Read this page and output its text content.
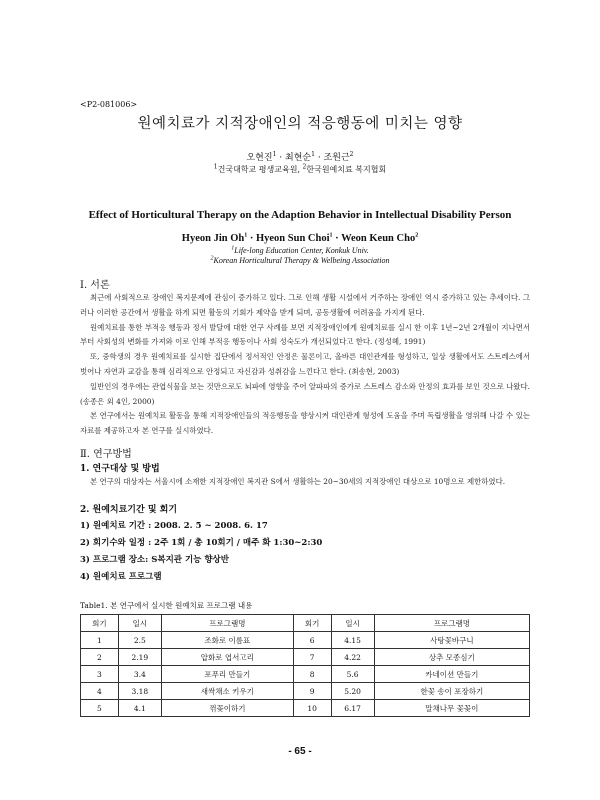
<P2-081006>
원예치료가 지적장애인의 적응행동에 미치는 영향
오현진$^1$ · 최현순$^1$ · 조원근$^2$
$^1$건국대학교 평생교육원, $^2$한국원예치료 복지협회
Effect of Horticultural Therapy on the Adaption Behavior in Intellectual Disability Person
Hyeon Jin $Oh^1$ · Hyeon Sun Choi$^1$ · Weon Keun Cho$^2$
$^1$Life-long Education Center, Konkuk Univ.
$^2$Korean Horticultural Therapy & Welbeing Association
Ⅰ. 서론

최근에 사회적으로 장애인 복지문제에 관심이 증가하고 있다. 그로 인해 생활 시설에서 거주하는 장애인 역시 증가하고 있는 추세이다. 그러나 이러한 공간에서 생활을 하게 되면 활동의 기회가 제약을 받게 되며, 공동생활에 어려움을 가지게 된다.

원예치료를 통한 부적응 행동과 정서 발달에 대한 연구 사례를 보면 지적장애인에게 원예치료를 실시 한 이후 1년~2년 2개월이 지나면서부터 사회성의 변화를 가져와 이로 인해 부적응 행동이나 사회 성숙도가 개선되었다고 한다. (정성혜, 1991)

또, 중학생의 경우 원예치료를 실시한 집단에서 정서적인 안정은 물론이고, 올바른 대인관계를 형성하고, 일상 생활에서도 스트레스에서 벗어나 자연과 교감을 통해 심리적으로 안정되고 자신감과 성취감을 느낀다고 한다. (최송현, 2003)

일반인의 경우에는 관엽식물을 보는 것만으로도 뇌파에 영향을 주어 알파파의 증가로 스트레스 감소와 안정의 효과를 보인 것으로 나왔다. (송종은 외 4인, 2000)

본 연구에서는 원예치료 활동을 통해 지적장애인들의 적응행동을 향상시켜 대인관계 형성에 도움을 주며 독립생활을 영위해 나갈 수 있는 자료를 제공하고자 본 연구를 실시하였다.

Ⅱ. 연구방법
1. 연구대상 및 방법

본 연구의 대상자는 서울시에 소재한 지적장애인 복지관 S에서 생활하는 20~30세의 지적장애인 대상으로 10명으로 제한하였다.

2. 원예치료기간 및 회기
1) 원예치료 기간 : 2008. 2. 5 ~ 2008. 6. 17
2) 회기수와 일정 : 2주 1회 / 총 10회기 / 매주 화 1:30~2:30
3) 프로그램 장소: S복지관 기능 향상반
4) 원예치료 프로그램
Table1. 본 연구에서 실시한 원예치료 프로그램 내용
회기	일시	프로그램명	회기	일시	프로그램명
1	2.5	조화로 이름표	6	4.15	사탕꽃바구니
2	2.19	압화로 엽서고리	7	4.22	상추 모종심기
3	3.4	포푸리 만들기	8	5.6	카네이션 만들기
4	3.18	새싹채소 키우기	9	5.20	한꽃 송이 포장하기
5	4.1	꺾꽂이하기	10	6.17	말채나무 꽃꽂이
- 65 -
